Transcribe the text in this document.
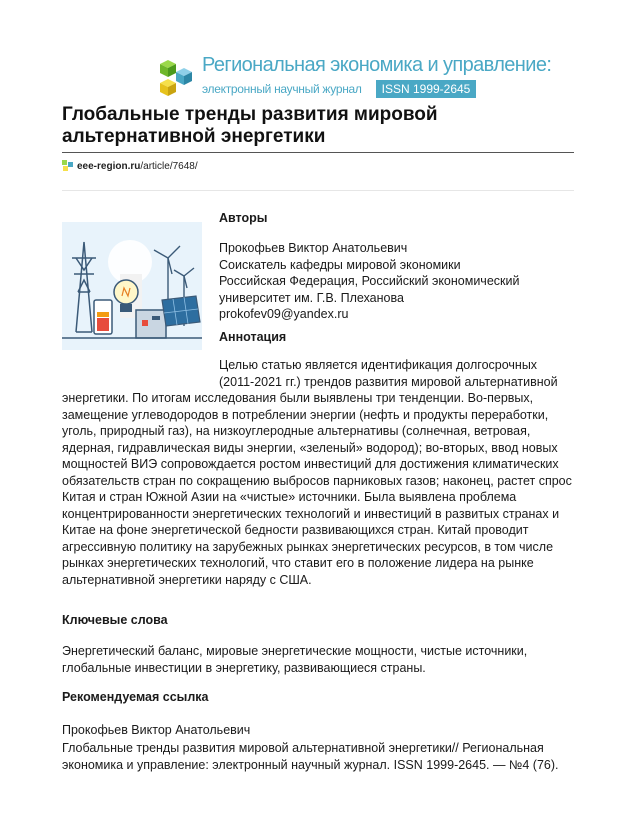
Региональная экономика и управление:
электронный научный журнал	ISSN 1999-2645
Глобальные тренды развития мировой альтернативной энергетики
eee-region.ru /article/7648/
Авторы
Прокофьев Виктор Анатольевич
Соискатель кафедры мировой экономики
Российская Федерация, Российский экономический
университет им. Г.В. Плеханова
prokofev09@yandex.ru
Аннотация

Целью статью является идентификация долгосрочных (2011-2021 гг.) трендов развития мировой альтернативной энергетики. По итогам исследования были выявлены три тенденции. Во-первых, замещение углеводородов в потреблении энергии (нефть и продукты переработки, уголь, природный газ), на низкоуглеродные альтернативы (солнечная, ветровая, ядерная, гидравлическая виды энергии, «зеленый» водород); во-вторых, ввод новых мощностей ВИЭ сопровождается ростом инвестиций для достижения климатических обязательств стран по сокращению выбросов парниковых газов; наконец, растет спрос Китая и стран Южной Азии на «чистые» источники. Была выявлена проблема концентрированности энергетических технологий и инвестиций в развитых странах и Китае на фоне энергетической бедности развивающихся стран. Китай проводит агрессивную политику на зарубежных рынках энергетических ресурсов, в том числе рынках энергетических технологий, что ставит его в положение лидера на рынке альтернативной энергетики наряду с США.

Ключевые слова

Энергетический баланс, мировые энергетические мощности, чистые источники, глобальные инвестиции в энергетику, развивающиеся страны.

Рекомендуемая ссылка

Прокофьев Виктор Анатольевич

Глобальные тренды развития мировой альтернативной энергетики// Региональная экономика и управление: электронный научный журнал. ISSN 1999-2645. — №4 (76).
